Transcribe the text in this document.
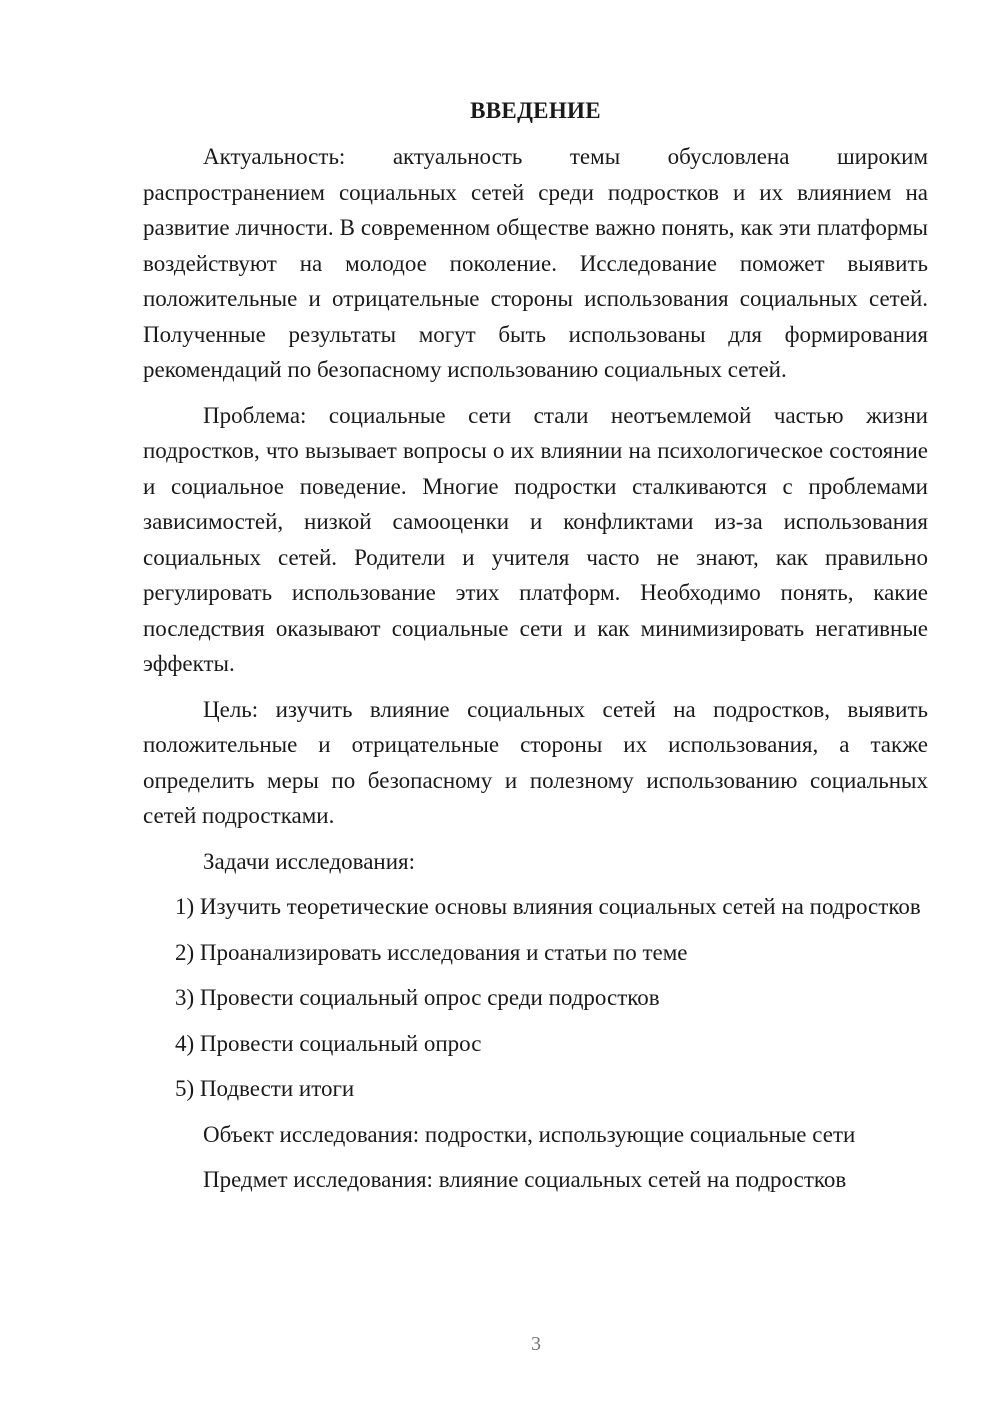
ВВЕДЕНИЕ

Актуальность: актуальность темы обусловлена широким распространением социальных сетей среди подростков и их влиянием на развитие личности. В современном обществе важно понять, как эти платформы воздействуют на молодое поколение. Исследование поможет выявить положительные и отрицательные стороны использования социальных сетей. Полученные результаты могут быть использованы для формирования рекомендаций по безопасному использованию социальных сетей.

Проблема: социальные сети стали неотъемлемой частью жизни подростков, что вызывает вопросы о их влиянии на психологическое состояние и социальное поведение. Многие подростки сталкиваются с проблемами зависимостей, низкой самооценки и конфликтами из-за использования социальных сетей. Родители и учителя часто не знают, как правильно регулировать использование этих платформ. Необходимо понять, какие последствия оказывают социальные сети и как минимизировать негативные эффекты.

Цель: изучить влияние социальных сетей на подростков, выявить положительные и отрицательные стороны их использования, а также определить меры по безопасному и полезному использованию социальных сетей подростками.

Задачи исследования:

1) Изучить теоретические основы влияния социальных сетей на подростков

2) Проанализировать исследования и статьи по теме

3) Провести социальный опрос среди подростков

4) Провести социальный опрос

5) Подвести итоги

Объект исследования: подростки, использующие социальные сети

Предмет исследования: влияние социальных сетей на подростков

3
